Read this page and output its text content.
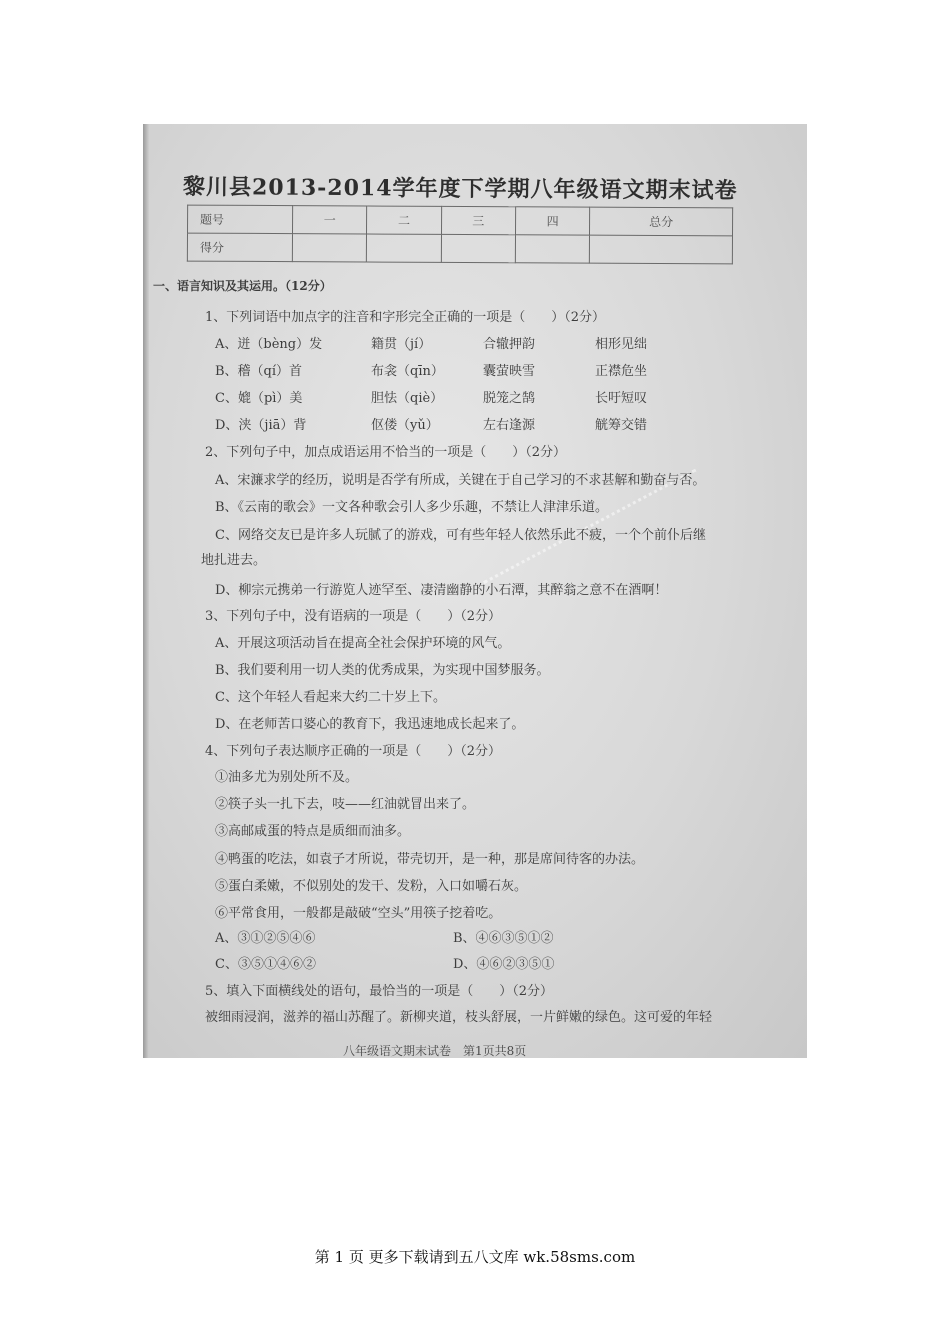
黎川县2013-2014学年度下学期八年级语文期末试卷
题号	一	二	三	四	总分
得分					
一、语言知识及其运用。（12分）
1、下列词语中加点字的注音和字形完全正确的一项是（　　）（2分）
A、迸（bèng）发	籍贯（jí）	合辙押韵	相形见绌
B、稽（qí）首	布衾（qīn）	囊萤映雪	正襟危坐
C、媲（pì）美	胆怯（qiè）	脱笼之鹄	长吁短叹
D、浃（jiā）背	伛偻（yǔ）	左右逢源	觥筹交错
2、下列句子中，加点成语运用不恰当的一项是（　　）（2分）
A、宋濂求学的经历，说明是否学有所成，关键在于自己学习的不求甚解和勤奋与否。
B、《云南的歌会》一文各种歌会引人多少乐趣，不禁让人津津乐道。
C、网络交友已是许多人玩腻了的游戏，可有些年轻人依然乐此不疲，一个个前仆后继
地扎进去。
D、柳宗元携弟一行游览人迹罕至、凄清幽静的小石潭，其醉翁之意不在酒啊！
3、下列句子中，没有语病的一项是（　　）（2分）
A、开展这项活动旨在提高全社会保护环境的风气。
B、我们要利用一切人类的优秀成果，为实现中国梦服务。
C、这个年轻人看起来大约二十岁上下。
D、在老师苦口婆心的教育下，我迅速地成长起来了。
4、下列句子表达顺序正确的一项是（　　）（2分）
①油多尤为别处所不及。
②筷子头一扎下去，吱——红油就冒出来了。
③高邮咸蛋的特点是质细而油多。
④鸭蛋的吃法，如袁子才所说，带壳切开，是一种，那是席间待客的办法。
⑤蛋白柔嫩，不似别处的发干、发粉，入口如嚼石灰。
⑥平常食用，一般都是敲破“空头”用筷子挖着吃。
A、③①②⑤④⑥	B、④⑥③⑤①②
C、③⑤①④⑥②	D、④⑥②③⑤①
5、填入下面横线处的语句，最恰当的一项是（　　）（2分）
被细雨浸润，滋养的福山苏醒了。新柳夹道，枝头舒展，一片鲜嫩的绿色。这可爱的年轻
八年级语文期末试卷　第1页共8页
第 1 页 更多下载请到五八文库 wk.58sms.com
